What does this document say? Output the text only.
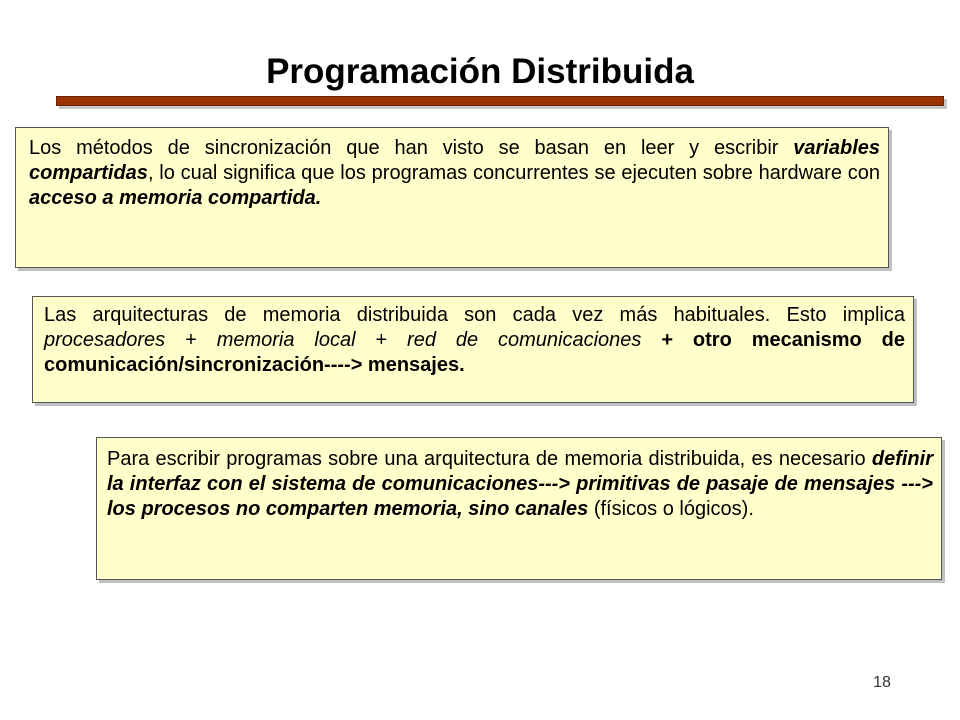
Programación Distribuida

Los métodos de sincronización que han visto se basan en leer y escribir variables compartidas, lo cual significa que los programas concurrentes se ejecuten sobre hardware con acceso a memoria compartida.

Las arquitecturas de memoria distribuida son cada vez más habituales. Esto implica procesadores + memoria local + red de comunicaciones + otro mecanismo de comunicación/sincronización----> mensajes.

Para escribir programas sobre una arquitectura de memoria distribuida, es necesario definir la interfaz con el sistema de comunicaciones---> primitivas de pasaje de mensajes ---> los procesos no comparten memoria, sino canales (físicos o lógicos).

18
